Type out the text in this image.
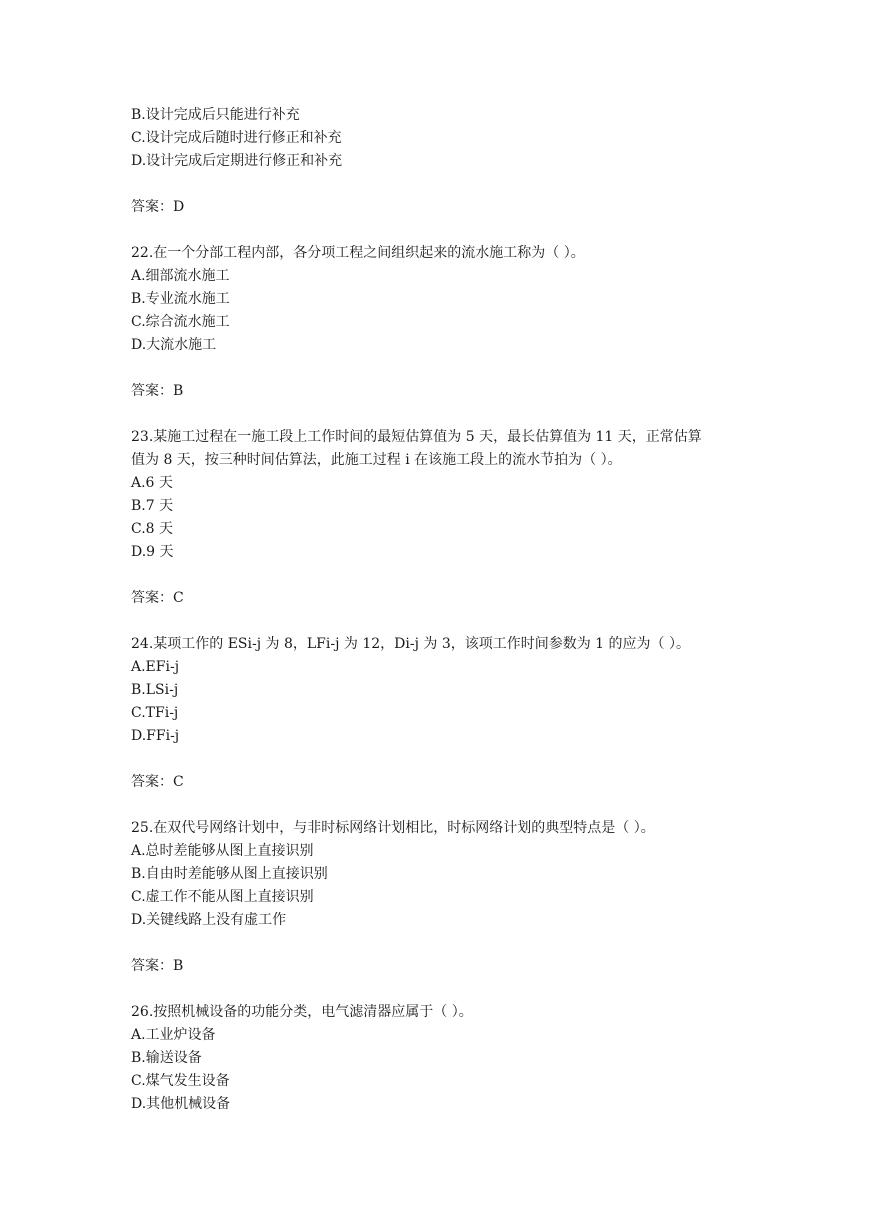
B.设计完成后只能进行补充
C.设计完成后随时进行修正和补充
D.设计完成后定期进行修正和补充
答案：D
22.在一个分部工程内部，各分项工程之间组织起来的流水施工称为（ ）。
A.细部流水施工
B.专业流水施工
C.综合流水施工
D.大流水施工
答案：B
23.某施工过程在一施工段上工作时间的最短估算值为 5 天，最长估算值为 11 天，正常估算
值为 8 天，按三种时间估算法，此施工过程 i 在该施工段上的流水节拍为（ ）。
A.6 天
B.7 天
C.8 天
D.9 天
答案：C
24.某项工作的 ESi-j 为 8，LFi-j 为 12，Di-j 为 3，该项工作时间参数为 1 的应为（ ）。
A.EFi-j
B.LSi-j
C.TFi-j
D.FFi-j
答案：C
25.在双代号网络计划中，与非时标网络计划相比，时标网络计划的典型特点是（ ）。
A.总时差能够从图上直接识别
B.自由时差能够从图上直接识别
C.虚工作不能从图上直接识别
D.关键线路上没有虚工作
答案：B
26.按照机械设备的功能分类，电气滤清器应属于（ ）。
A.工业炉设备
B.输送设备
C.煤气发生设备
D.其他机械设备
